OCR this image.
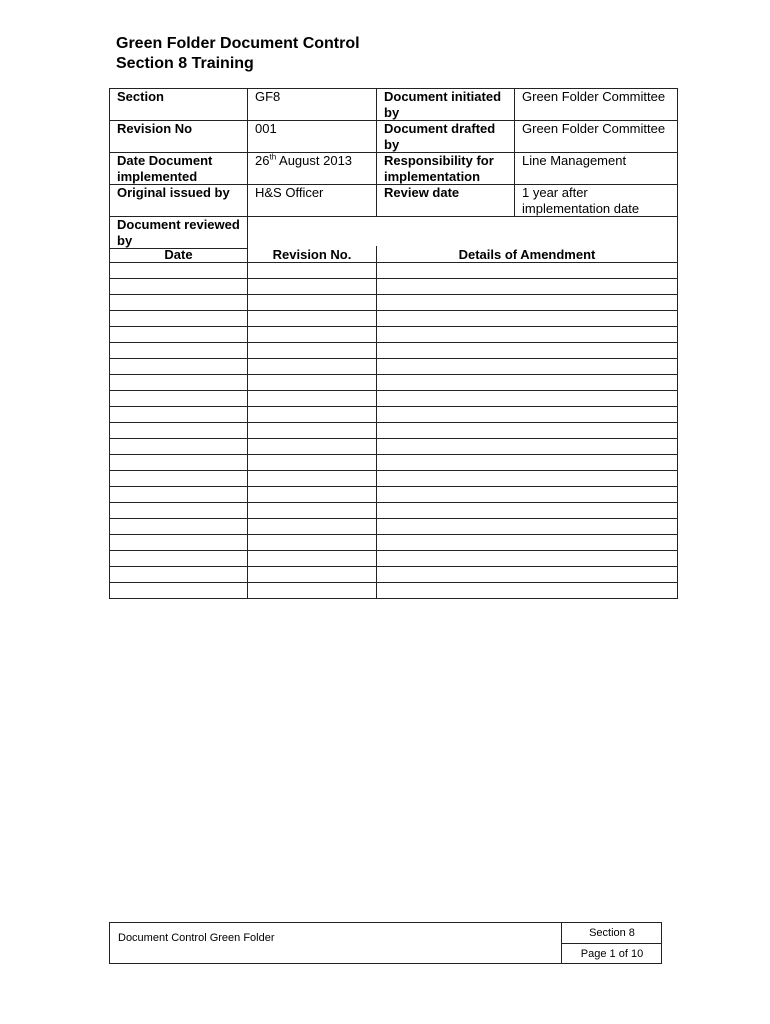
Green Folder Document Control
Section 8 Training
Section	GF8	Document initiated by	Green Folder Committee
Revision No	001	Document drafted by	Green Folder Committee
Date Document implemented	26th August 2013	Responsibility for implementation	Line Management
Original issued by	H&S Officer	Review date	1 year after implementation date
Document reviewed by			
Date	Revision No.	Details of Amendment

Document Control Green Folder	Section 8
Page 1 of 10
